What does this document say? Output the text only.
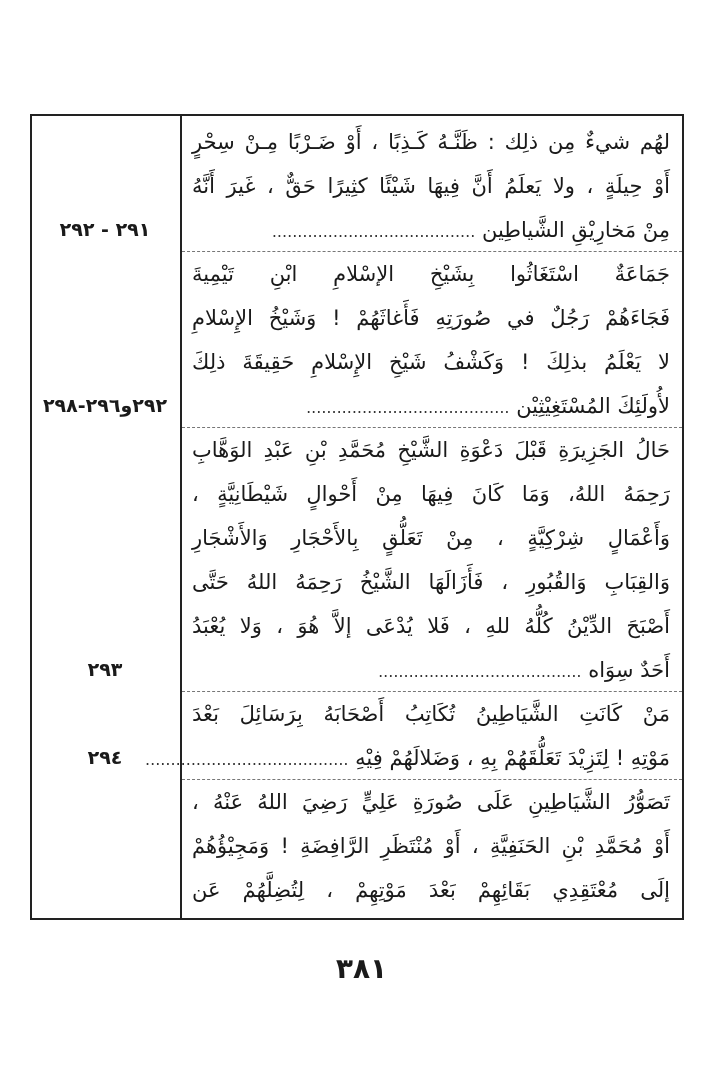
لهُم شيءٌ مِن ذلِك : ظَنَّـهُ كَـذِبًا ، أَوْ ضَـرْبًا مِـنْ سِحْرٍ
أَوْ حِيلَةٍ ، ولا يَعلَمُ أَنَّ فِيهَا شَيْئًا كثِيرًا حَقٌّ ، غَيرَ أَنَّهُ
مِنْ مَخارِيْقِ الشَّياطِين ........................................
٢٩١ - ٢٩٢
جَمَاعَةٌ اسْتَغَاثُوا بِشَيْخِ الإسْلامِ ابْنِ تَيْمِيةَ
فَجَاءَهُمْ رَجُلٌ في صُورَتِهِ فَأَغاثَهُمْ ! وَشَيْخُ الإِسْلامِ
لا يَعْلَمُ بذلِكَ ! وَكَشْفُ شَيْخِ الإِسْلامِ حَقِيقَةَ ذلِكَ
لأُولَئِكَ المُسْتَغِيْثِيْن ........................................
٢٩٢و٢٩٦-٢٩٨
حَالُ الجَزِيرَةِ قَبْلَ دَعْوَةِ الشَّيْخِ مُحَمَّدِ بْنِ عَبْدِ الوَهَّابِ
رَحِمَهُ اللهُ، وَمَا كَانَ فِيهَا مِنْ أَحْوالٍ شَيْطَانِيَّةٍ ،
وَأَعْمَالٍ شِرْكِيَّةٍ ، مِنْ تَعَلُّقٍ بِالأَحْجَارِ وَالأَشْجَارِ
وَالقِبَابِ وَالقُبُورِ ، فَأَزَالَهَا الشَّيْخُ رَحِمَهُ اللهُ حَتَّى
أَصْبَحَ الدِّيْنُ كُلُّهُ للهِ ، فَلا يُدْعَى إلاَّ هُوَ ، وَلا يُعْبَدُ
أَحَدٌ سِوَاه ........................................
٢٩٣
مَنْ كَانَتِ الشَّيَاطِينُ تُكَاتِبُ أَصْحَابَهُ بِرَسَائِلَ بَعْدَ
مَوْتِهِ ! لِتَزِيْدَ تَعَلُّقَهُمْ بِهِ ، وَضَلالَهُمْ فِيْهِ ........................................
٢٩٤
تَصَوُّرُ الشَّيَاطِينِ عَلَى صُورَةِ عَلِيٍّ رَضِيَ اللهُ عَنْهُ ،
أَوْ مُحَمَّدِ بْنِ الحَنَفِيَّةِ ، أَوْ مُنْتَظَرِ الرَّافِضَةِ ! وَمَجِيْؤُهُمْ
إلَى مُعْتَقِدِي بَقَائِهِمْ بَعْدَ مَوْتِهِمْ ، لِتُضِلَّهُمْ عَن
٣٨١
